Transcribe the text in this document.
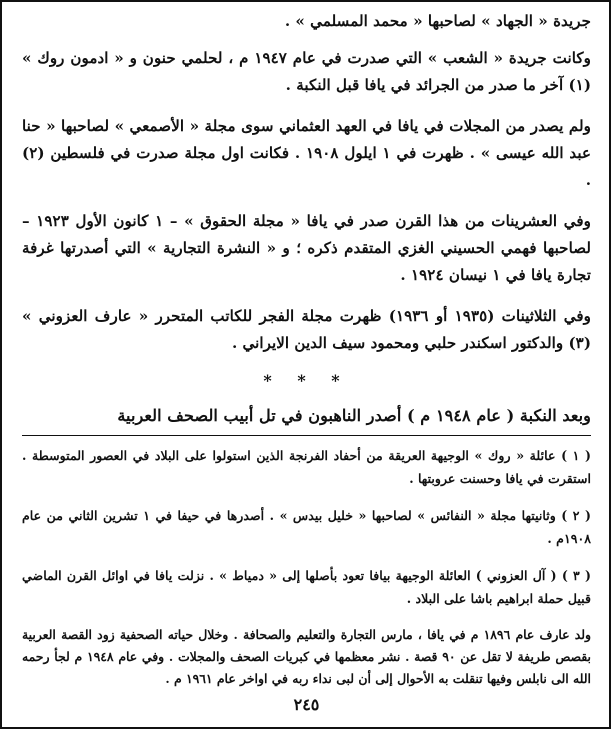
جريدة « الجهاد » لصاحبها « محمد المسلمي » .

وكانت جريدة « الشعب » التي صدرت في عام ١٩٤٧ م ، لحلمي حنون و « ادمون روك » (١) آخر ما صدر من الجرائد في يافا قبل النكبة .

ولم يصدر من المجلات في يافا في العهد العثماني سوى مجلة « الأصمعي » لصاحبها « حنا عبد الله عيسى » . ظهرت في ١ ايلول ١٩٠٨ . فكانت اول مجلة صدرت في فلسطين (٢) .

وفي العشرينات من هذا القرن صدر في يافا « مجلة الحقوق » – ١ كانون الأول ١٩٢٣ – لصاحبها فهمي الحسيني الغزي المتقدم ذكره ؛ و « النشرة التجارية » التي أصدرتها غرفة تجارة يافا في ١ نيسان ١٩٢٤ .

وفي الثلاثينات (١٩٣٥ أو ١٩٣٦) ظهرت مجلة الفجر للكاتب المتحرر « عارف العزوني » (٣) والدكتور اسكندر حلبي ومحمود سيف الدين الايراني .

* * *
وبعد النكبة ( عام ١٩٤٨ م ) أصدر الناهبون في تل أبيب الصحف العربية

( ١ ) عائلة « روك » الوجيهة العريقة من أحفاد الفرنجة الذين استولوا على البلاد في العصور المتوسطة . استقرت في يافا وحسنت عروبتها .

( ٢ ) وثانيتها مجلة « النفائس » لصاحبها « خليل بيدس » . أصدرها في حيفا في ١ تشرين الثاني من عام ١٩٠٨م .

( ٣ ) ( آل العزوني ) العائلة الوجيهة بيافا تعود بأصلها إلى « دمياط » . نزلت يافا في اوائل القرن الماضي قبيل حملة ابراهيم باشا على البلاد .

ولد عارف عام ١٨٩٦ م في يافا ، مارس التجارة والتعليم والصحافة . وخلال حياته الصحفية زود القصة العربية بقصص طريفة لا تقل عن ٩٠ قصة . نشر معظمها في كبريات الصحف والمجلات . وفي عام ١٩٤٨ م لجأ رحمه الله الى نابلس وفيها تنقلت به الأحوال إلى أن لبى نداء ربه في اواخر عام ١٩٦١ م .

٢٤٥
